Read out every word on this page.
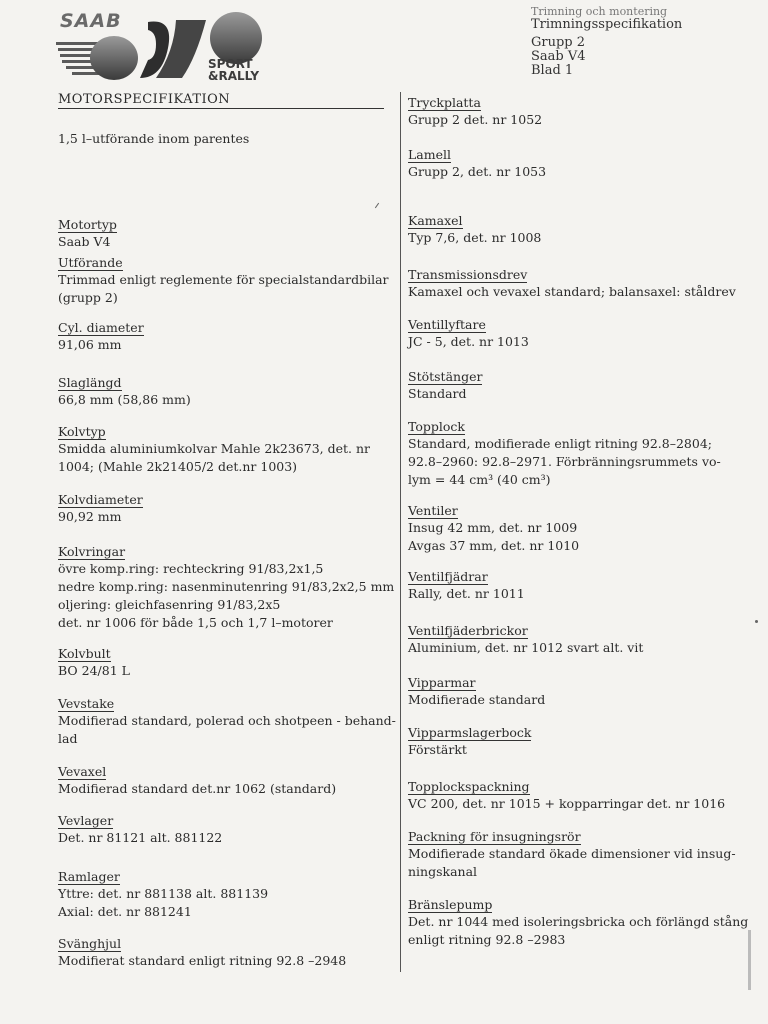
SAAB
SPORT
&RALLY
Trimning och montering
Trimningsspecifikation
Grupp 2
Saab V4
Blad 1
MOTORSPECIFIKATION
1,5 l–utförande inom parentes
Motortyp
Saab V4
Utförande
Trimmad enligt reglemente för specialstandardbilar
(grupp 2)
Cyl. diameter
91,06 mm
Slaglängd
66,8 mm (58,86 mm)
Kolvtyp
Smidda aluminiumkolvar Mahle 2k23673, det. nr
1004; (Mahle 2k21405/2 det.nr 1003)
Kolvdiameter
90,92 mm
Kolvringar
övre komp.ring: rechteckring 91/83,2x1,5
nedre komp.ring: nasenminutenring 91/83,2x2,5 mm
oljering: gleichfasenring 91/83,2x5
det. nr 1006 för både 1,5 och 1,7 l–motorer
Kolvbult
BO 24/81 L
Vevstake
Modifierad standard, polerad och shotpeen - behand-
lad
Vevaxel
Modifierad standard det.nr 1062 (standard)
Vevlager
Det. nr 81121 alt. 881122
Ramlager
Yttre: det. nr 881138 alt. 881139
Axial: det. nr 881241
Svänghjul
Modifierat standard enligt ritning 92.8 –2948
Tryckplatta
Grupp 2 det. nr 1052
Lamell
Grupp 2, det. nr 1053
Kamaxel
Typ 7,6, det. nr 1008
Transmissionsdrev
Kamaxel och vevaxel standard; balansaxel: ståldrev
Ventillyftare
JC - 5, det. nr 1013
Stötstänger
Standard
Topplock
Standard, modifierade enligt ritning 92.8–2804;
92.8–2960: 92.8–2971. Förbränningsrummets vo-
lym = 44 cm³ (40 cm³)
Ventiler
Insug 42 mm, det. nr 1009
Avgas 37 mm, det. nr 1010
Ventilfjädrar
Rally, det. nr 1011
Ventilfjäderbrickor
Aluminium, det. nr 1012 svart alt. vit
Vipparmar
Modifierade standard
Vipparmslagerbock
Förstärkt
Topplockspackning
VC 200, det. nr 1015 + kopparringar det. nr 1016
Packning för insugningsrör
Modifierade standard ökade dimensioner vid insug-
ningskanal
Bränslepump
Det. nr 1044 med isoleringsbricka och förlängd stång
enligt ritning 92.8 –2983
